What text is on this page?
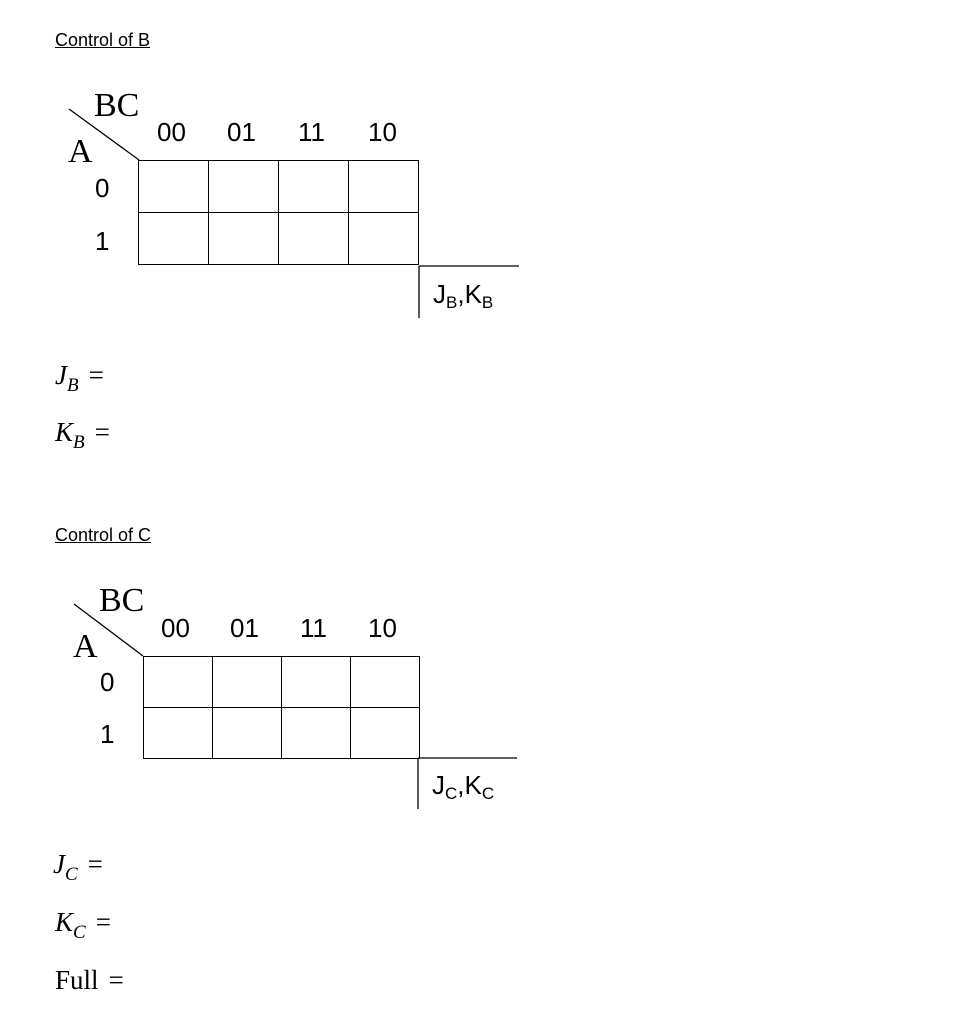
Control of B
BC
A
00 01 11 10
0
1

$J_B,K_B$
$J_B$ =
$K_B$ =
Control of C
BC
A 00 01 11 10
0
1

$J_C,K_C$
$J_C$ =
$K_C$ =
Full =
